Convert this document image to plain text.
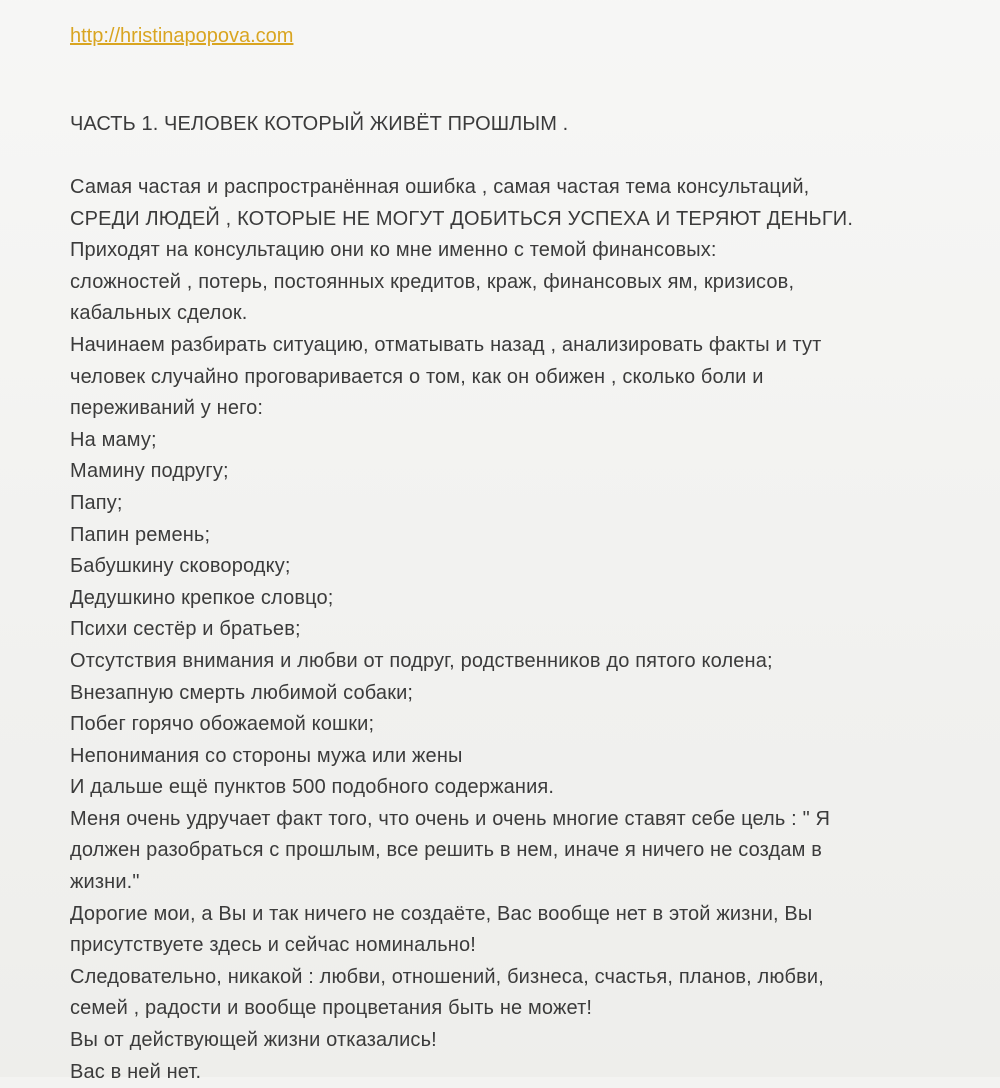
http://hristinapopova.com
ЧАСТЬ 1. ЧЕЛОВЕК КОТОРЫЙ ЖИВЁТ ПРОШЛЫМ .
Самая частая и распространённая ошибка , самая частая тема консультаций,
СРЕДИ ЛЮДЕЙ , КОТОРЫЕ НЕ МОГУТ ДОБИТЬСЯ УСПЕХА И ТЕРЯЮТ ДЕНЬГИ.
Приходят на консультацию они ко мне именно с темой финансовых:
сложностей , потерь, постоянных кредитов, краж, финансовых ям, кризисов,
кабальных сделок.
Начинаем разбирать ситуацию, отматывать назад , анализировать факты и тут
человек случайно проговаривается о том, как он обижен , сколько боли и
переживаний у него:
На маму;
Мамину подругу;
Папу;
Папин ремень;
Бабушкину сковородку;
Дедушкино крепкое словцо;
Психи сестёр и братьев;
Отсутствия внимания и любви от подруг, родственников до пятого колена;
Внезапную смерть любимой собаки;
Побег горячо обожаемой кошки;
Непонимания со стороны мужа или жены
И дальше ещё пунктов 500 подобного содержания.
Меня очень удручает факт того, что очень и очень многие ставят себе цель : " Я
должен разобраться с прошлым, все решить в нем, иначе я ничего не создам в
жизни."
Дорогие мои, а Вы и так ничего не создаёте, Вас вообще нет в этой жизни, Вы
присутствуете здесь и сейчас номинально!
Следовательно, никакой : любви, отношений, бизнеса, счастья, планов, любви,
семей , радости и вообще процветания быть не может!
Вы от действующей жизни отказались!
Вас в ней нет.
